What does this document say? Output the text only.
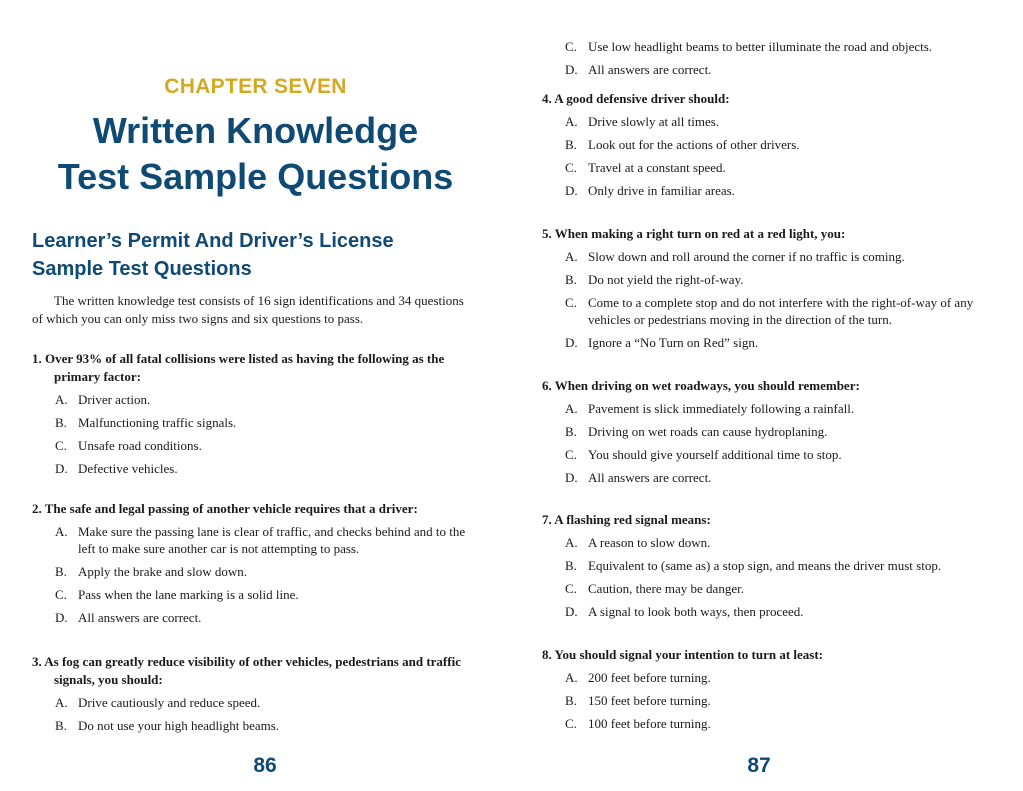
CHAPTER SEVEN
Written Knowledge
Test Sample Questions
Learner’s Permit And Driver’s License
Sample Test Questions
The written knowledge test consists of 16 sign identifications and 34 questions of which you can only miss two signs and six questions to pass.
1. Over 93% of all fatal collisions were listed as having the following as the primary factor:
A. Driver action.
B. Malfunctioning traffic signals.
C. Unsafe road conditions.
D. Defective vehicles.
2. The safe and legal passing of another vehicle requires that a driver:
A. Make sure the passing lane is clear of traffic, and checks behind and to the left to make sure another car is not attempting to pass.
B. Apply the brake and slow down.
C. Pass when the lane marking is a solid line.
D. All answers are correct.
3. As fog can greatly reduce visibility of other vehicles, pedestrians and traffic signals, you should:
A. Drive cautiously and reduce speed.
B. Do not use your high headlight beams.
86
C. Use low headlight beams to better illuminate the road and objects.
D. All answers are correct.
4. A good defensive driver should:
A. Drive slowly at all times.
B. Look out for the actions of other drivers.
C. Travel at a constant speed.
D. Only drive in familiar areas.
5. When making a right turn on red at a red light, you:
A. Slow down and roll around the corner if no traffic is coming.
B. Do not yield the right-of-way.
C. Come to a complete stop and do not interfere with the right-of-way of any vehicles or pedestrians moving in the direction of the turn.
D. Ignore a “No Turn on Red” sign.
6. When driving on wet roadways, you should remember:
A. Pavement is slick immediately following a rainfall.
B. Driving on wet roads can cause hydroplaning.
C. You should give yourself additional time to stop.
D. All answers are correct.
7. A flashing red signal means:
A. A reason to slow down.
B. Equivalent to (same as) a stop sign, and means the driver must stop.
C. Caution, there may be danger.
D. A signal to look both ways, then proceed.
8. You should signal your intention to turn at least:
A. 200 feet before turning.
B. 150 feet before turning.
C. 100 feet before turning.
87
